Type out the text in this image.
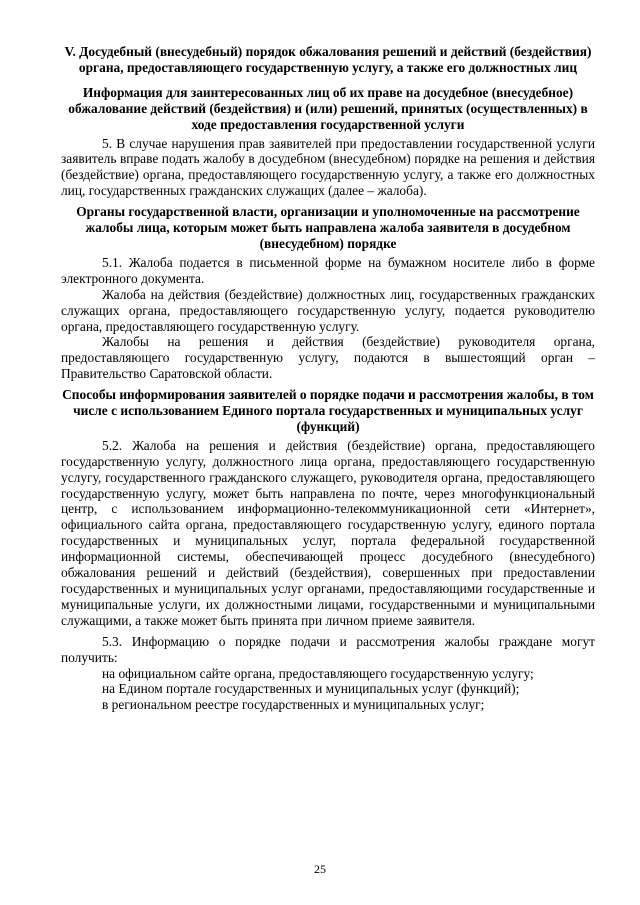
V. Досудебный (внесудебный) порядок обжалования решений и действий (бездействия) органа, предоставляющего государственную услугу, а также его должностных лиц

Информация для заинтересованных лиц об их праве на досудебное (внесудебное) обжалование действий (бездействия) и (или) решений, принятых (осуществленных) в ходе предоставления государственной услуги

5. В случае нарушения прав заявителей при предоставлении государственной услуги заявитель вправе подать жалобу в досудебном (внесудебном) порядке на решения и действия (бездействие) органа, предоставляющего государственную услугу, а также его должностных лиц, государственных гражданских служащих (далее – жалоба).

Органы государственной власти, организации и уполномоченные на рассмотрение жалобы лица, которым может быть направлена жалоба заявителя в досудебном (внесудебном) порядке

5.1. Жалоба подается в письменной форме на бумажном носителе либо в форме электронного документа.

Жалоба на действия (бездействие) должностных лиц, государственных гражданских служащих органа, предоставляющего государственную услугу, подается руководителю органа, предоставляющего государственную услугу.

Жалобы на решения и действия (бездействие) руководителя органа, предоставляющего государственную услугу, подаются в вышестоящий орган – Правительство Саратовской области.

Способы информирования заявителей о порядке подачи и рассмотрения жалобы, в том числе с использованием Единого портала государственных и муниципальных услуг (функций)

5.2. Жалоба на решения и действия (бездействие) органа, предоставляющего государственную услугу, должностного лица органа, предоставляющего государственную услугу, государственного гражданского служащего, руководителя органа, предоставляющего государственную услугу, может быть направлена по почте, через многофункциональный центр, с использованием информационно-телекоммуникационной сети «Интернет», официального сайта органа, предоставляющего государственную услугу, единого портала государственных и муниципальных услуг, портала федеральной государственной информационной системы, обеспечивающей процесс досудебного (внесудебного) обжалования решений и действий (бездействия), совершенных при предоставлении государственных и муниципальных услуг органами, предоставляющими государственные и муниципальные услуги, их должностными лицами, государственными и муниципальными служащими, а также может быть принята при личном приеме заявителя.

5.3. Информацию о порядке подачи и рассмотрения жалобы граждане могут получить:

на официальном сайте органа, предоставляющего государственную услугу;

на Едином портале государственных и муниципальных услуг (функций);

в региональном реестре государственных и муниципальных услуг;

25
